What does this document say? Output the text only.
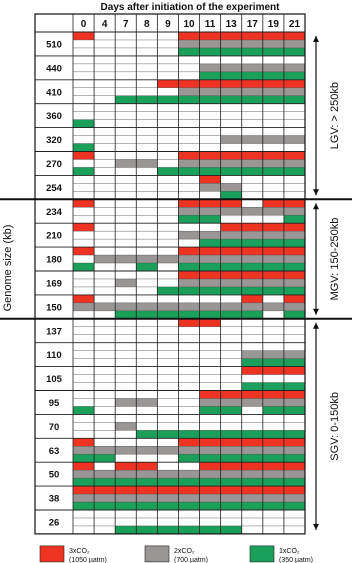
Days after initiation of the experiment
Genome size (kb)
0 4 7 8 9 10 11 13 17 19 21
510
440
410
360
320
270
254
234
210
180
169
150
137
110
105
95
70
63
50
38
26
LGV: > 250kb
MGV: 150-250kb
SGV: 0-150kb
3xCO₂
(1050 µatm)
2xCO₂
(700 µatm)
1xCO₂
(350 µatm)
